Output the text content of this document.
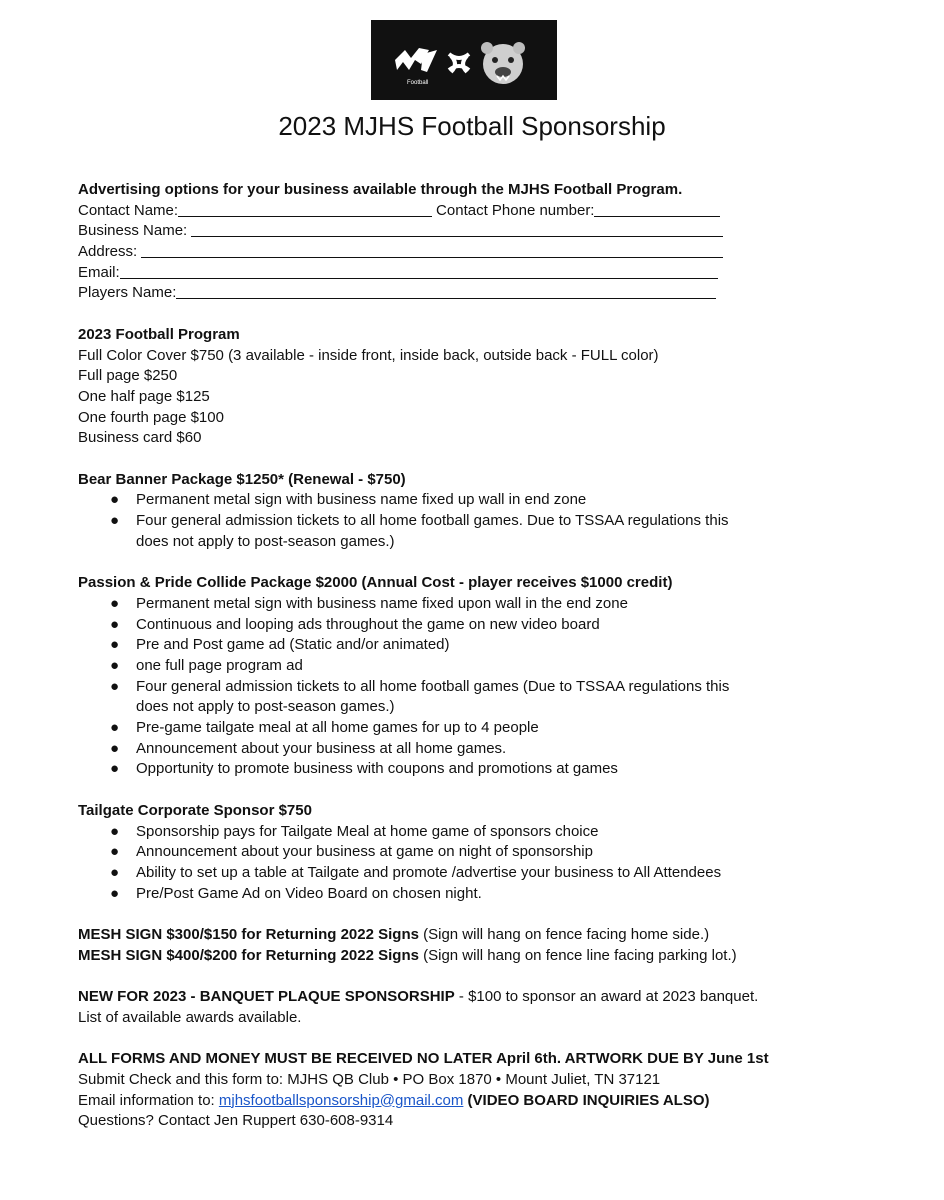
Football
2023 MJHS Football Sponsorship
Advertising options for your business available through the MJHS Football Program.
Contact Name:	Contact Phone number:
Business Name:
Address:
Email:
Players Name:
2023 Football Program
Full Color Cover $750 (3 available - inside front, inside back, outside back - FULL color)
Full page $250
One half page $125
One fourth page $100
Business card $60
Bear Banner Package $1250* (Renewal - $750)
● Permanent metal sign with business name fixed up wall in end zone
● Four general admission tickets to all home football games. Due to TSSAA regulations this does not apply to post-season games.)
Passion & Pride Collide Package $2000 (Annual Cost - player receives $1000 credit)
● Permanent metal sign with business name fixed upon wall in the end zone
● Continuous and looping ads throughout the game on new video board
● Pre and Post game ad (Static and/or animated)
● one full page program ad
● Four general admission tickets to all home football games (Due to TSSAA regulations this does not apply to post-season games.)
● Pre-game tailgate meal at all home games for up to 4 people
● Announcement about your business at all home games.
● Opportunity to promote business with coupons and promotions at games
Tailgate Corporate Sponsor $750
● Sponsorship pays for Tailgate Meal at home game of sponsors choice
● Announcement about your business at game on night of sponsorship
● Ability to set up a table at Tailgate and promote /advertise your business to All Attendees
● Pre/Post Game Ad on Video Board on chosen night.
MESH SIGN $300/$150 for Returning 2022 Signs (Sign will hang on fence facing home side.)
MESH SIGN $400/$200 for Returning 2022 Signs (Sign will hang on fence line facing parking lot.)
NEW FOR 2023 - BANQUET PLAQUE SPONSORSHIP - $100 to sponsor an award at 2023 banquet.
List of available awards available.
ALL FORMS AND MONEY MUST BE RECEIVED NO LATER April 6th. ARTWORK DUE BY June 1st
Submit Check and this form to: MJHS QB Club • PO Box 1870 • Mount Juliet, TN 37121
Email information to: mjhsfootballsponsorship@gmail.com (VIDEO BOARD INQUIRIES ALSO)
Questions? Contact Jen Ruppert 630-608-9314
